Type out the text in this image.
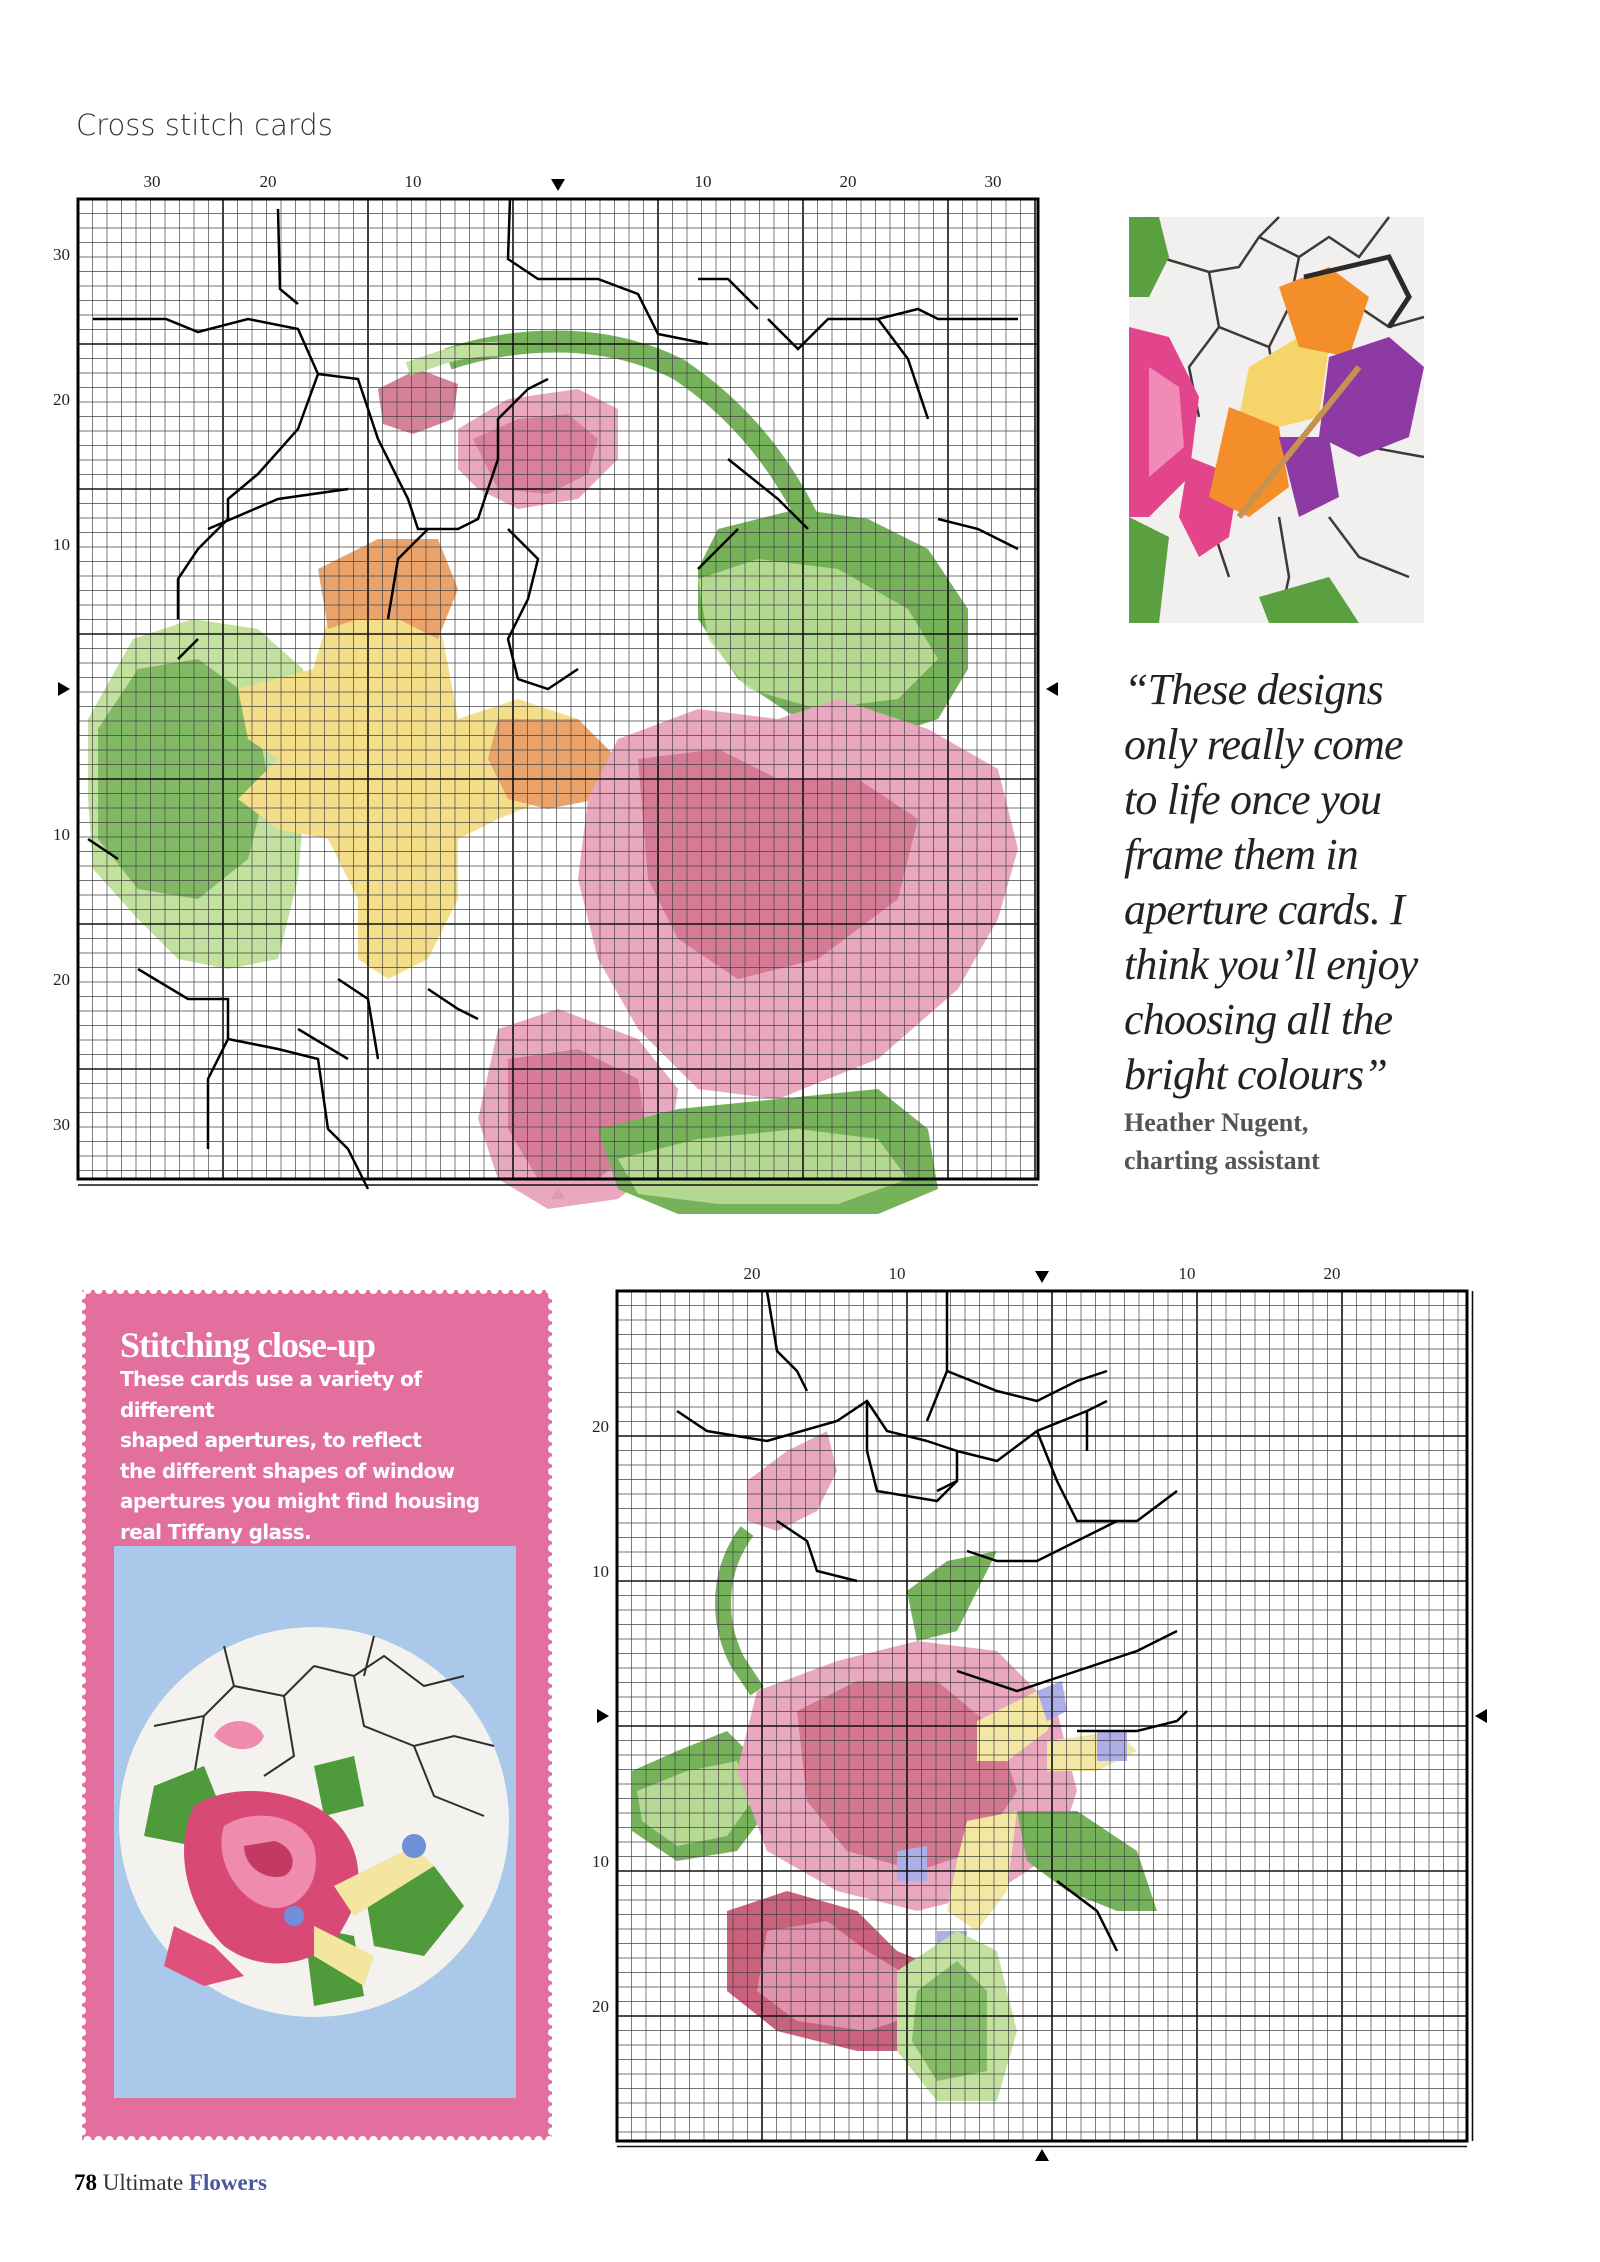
Cross stitch cards
30	20	10	10	20	30
30
20
10
10
20
30
“These designs
only really come
to life once you
frame them in
aperture cards. I
think you’ll enjoy
choosing all the
bright colours”
Heather Nugent,
charting assistant
Stitching close-up

These cards use a variety of different
shaped apertures, to reflect
the different shapes of window
apertures you might find housing
real Tiffany glass.

20	10	10	20
20
10
10
20
78 Ultimate Flowers
